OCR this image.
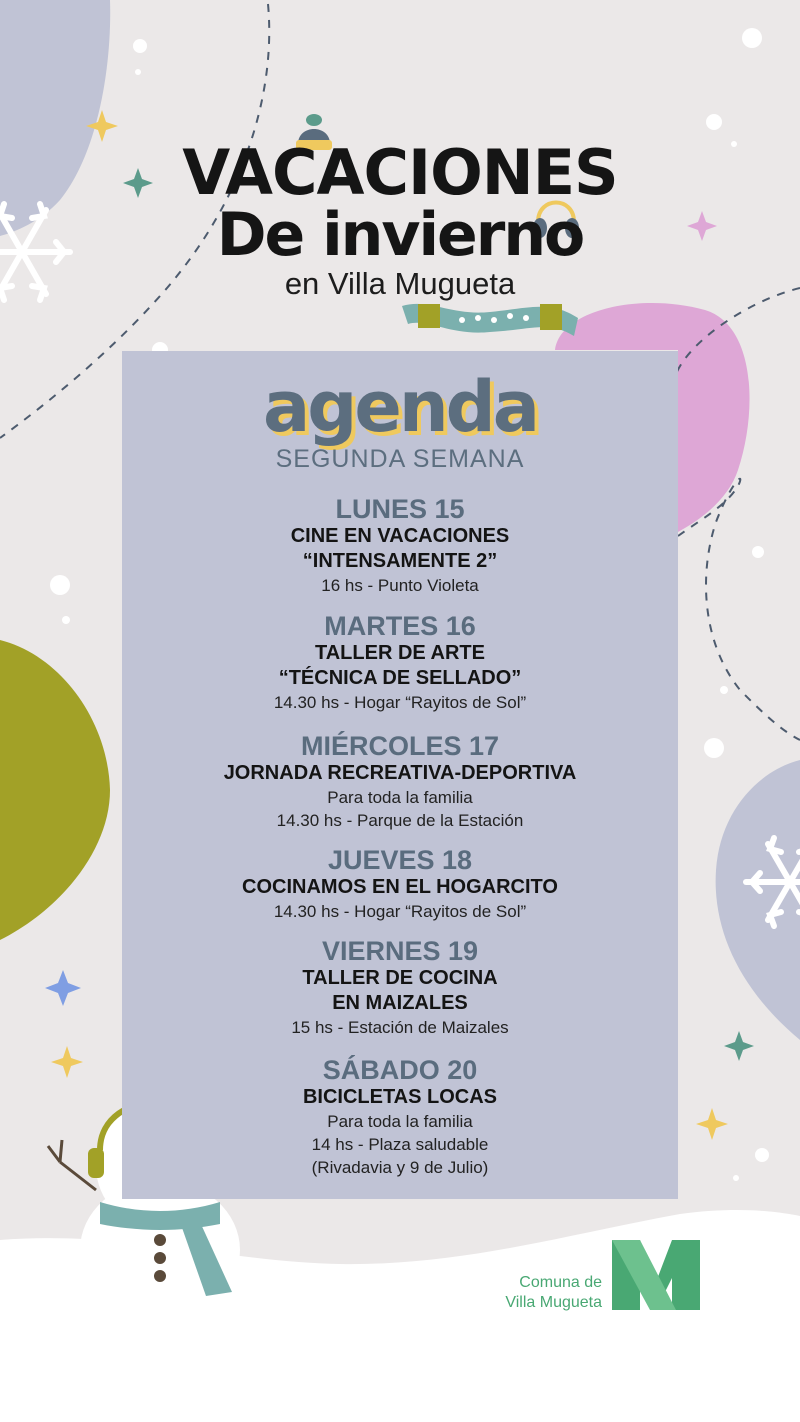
VACACIONES
De invierno
en Villa Mugueta
agenda
SEGUNDA SEMANA
LUNES 15
CINE EN VACACIONES
“INTENSAMENTE 2”
16 hs - Punto Violeta
MARTES 16
TALLER DE ARTE
“TÉCNICA DE SELLADO”
14.30 hs - Hogar “Rayitos de Sol”
MIÉRCOLES 17
JORNADA RECREATIVA-DEPORTIVA
Para toda la familia
14.30 hs - Parque de la Estación
JUEVES 18
COCINAMOS EN EL HOGARCITO
14.30 hs - Hogar “Rayitos de Sol”
VIERNES 19
TALLER DE COCINA
EN MAIZALES
15 hs - Estación de Maizales
SÁBADO 20
BICICLETAS LOCAS
Para toda la familia
14 hs - Plaza saludable
(Rivadavia y 9 de Julio)
Comuna de
Villa Mugueta
